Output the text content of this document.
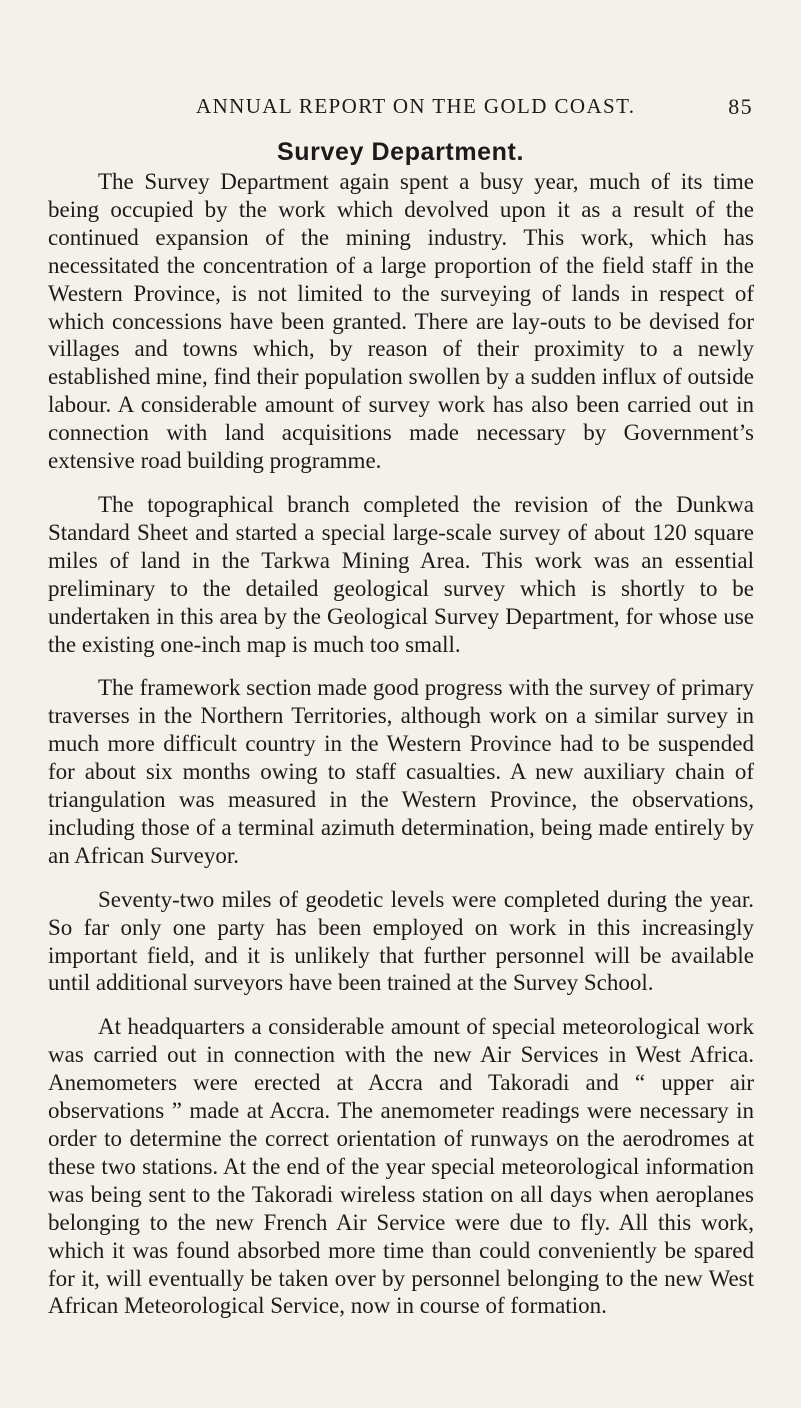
ANNUAL REPORT ON THE GOLD COAST.	85
Survey Department.

The Survey Department again spent a busy year, much of its time being occupied by the work which devolved upon it as a result of the continued expansion of the mining industry. This work, which has necessitated the concentration of a large proportion of the field staff in the Western Province, is not limited to the surveying of lands in respect of which concessions have been granted. There are lay-outs to be devised for villages and towns which, by reason of their proximity to a newly established mine, find their population swollen by a sudden influx of outside labour. A considerable amount of survey work has also been carried out in connection with land acquisitions made necessary by Government’s extensive road building programme.

The topographical branch completed the revision of the Dunkwa Standard Sheet and started a special large-scale survey of about 120 square miles of land in the Tarkwa Mining Area. This work was an essential preliminary to the detailed geological survey which is shortly to be undertaken in this area by the Geological Survey Department, for whose use the existing one-inch map is much too small.

The framework section made good progress with the survey of primary traverses in the Northern Territories, although work on a similar survey in much more difficult country in the Western Province had to be suspended for about six months owing to staff casualties. A new auxiliary chain of triangulation was measured in the Western Province, the observations, including those of a terminal azimuth determination, being made entirely by an African Surveyor.

Seventy-two miles of geodetic levels were completed during the year. So far only one party has been employed on work in this increasingly important field, and it is unlikely that further personnel will be available until additional surveyors have been trained at the Survey School.

At headquarters a considerable amount of special meteorological work was carried out in connection with the new Air Services in West Africa. Anemometers were erected at Accra and Takoradi and “ upper air observations ” made at Accra. The anemometer readings were necessary in order to determine the correct orientation of runways on the aerodromes at these two stations. At the end of the year special meteorological information was being sent to the Takoradi wireless station on all days when aeroplanes belonging to the new French Air Service were due to fly. All this work, which it was found absorbed more time than could conveniently be spared for it, will eventually be taken over by personnel belonging to the new West African Meteorological Service, now in course of formation.
